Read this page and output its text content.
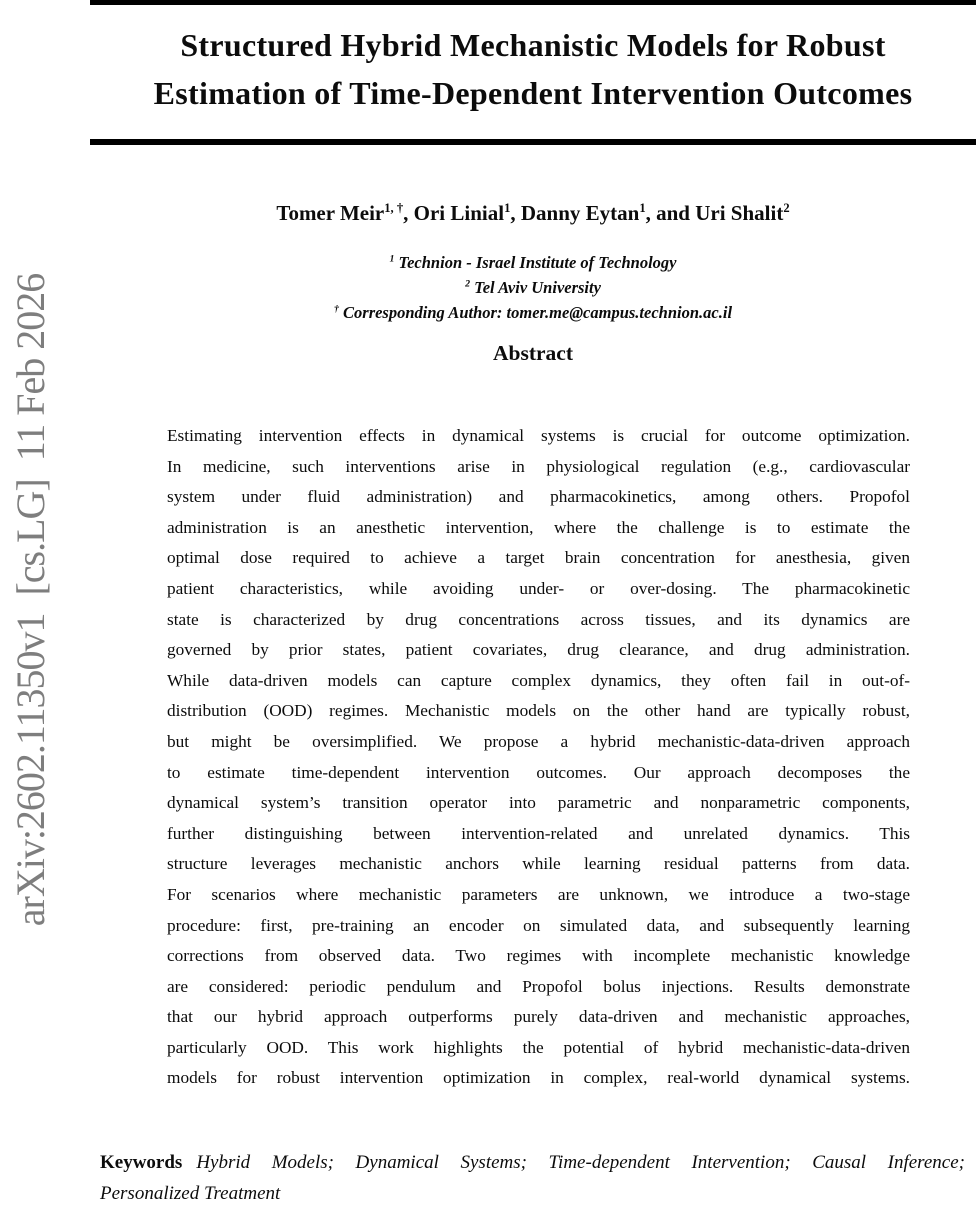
arXiv:2602.11350v1  [cs.LG]  11 Feb 2026
Structured Hybrid Mechanistic Models for Robust
Estimation of Time-Dependent Intervention Outcomes
Tomer Meir$^{1, \dagger}$, Ori Linial$^1$, Danny Eytan$^1$, and Uri Shalit$^2$
$^1$ Technion - Israel Institute of Technology
$^2$ Tel Aviv University
† Corresponding Author: tomer.me@campus.technion.ac.il
Abstract
Estimating intervention effects in dynamical systems is crucial for outcome optimization.
In medicine, such interventions arise in physiological regulation (e.g., cardiovascular
system under fluid administration) and pharmacokinetics, among others. Propofol
administration is an anesthetic intervention, where the challenge is to estimate the
optimal dose required to achieve a target brain concentration for anesthesia, given
patient characteristics, while avoiding under- or over-dosing. The pharmacokinetic
state is characterized by drug concentrations across tissues, and its dynamics are
governed by prior states, patient covariates, drug clearance, and drug administration.
While data-driven models can capture complex dynamics, they often fail in out-of-
distribution (OOD) regimes. Mechanistic models on the other hand are typically robust,
but might be oversimplified. We propose a hybrid mechanistic-data-driven approach
to estimate time-dependent intervention outcomes. Our approach decomposes the
dynamical system’s transition operator into parametric and nonparametric components,
further distinguishing between intervention-related and unrelated dynamics. This
structure leverages mechanistic anchors while learning residual patterns from data.
For scenarios where mechanistic parameters are unknown, we introduce a two-stage
procedure: first, pre-training an encoder on simulated data, and subsequently learning
corrections from observed data. Two regimes with incomplete mechanistic knowledge
are considered: periodic pendulum and Propofol bolus injections. Results demonstrate
that our hybrid approach outperforms purely data-driven and mechanistic approaches,
particularly OOD. This work highlights the potential of hybrid mechanistic-data-driven
models for robust intervention optimization in complex, real-world dynamical systems.
Keywords Hybrid Models; Dynamical Systems; Time-dependent Intervention; Causal Inference;
Personalized Treatment
